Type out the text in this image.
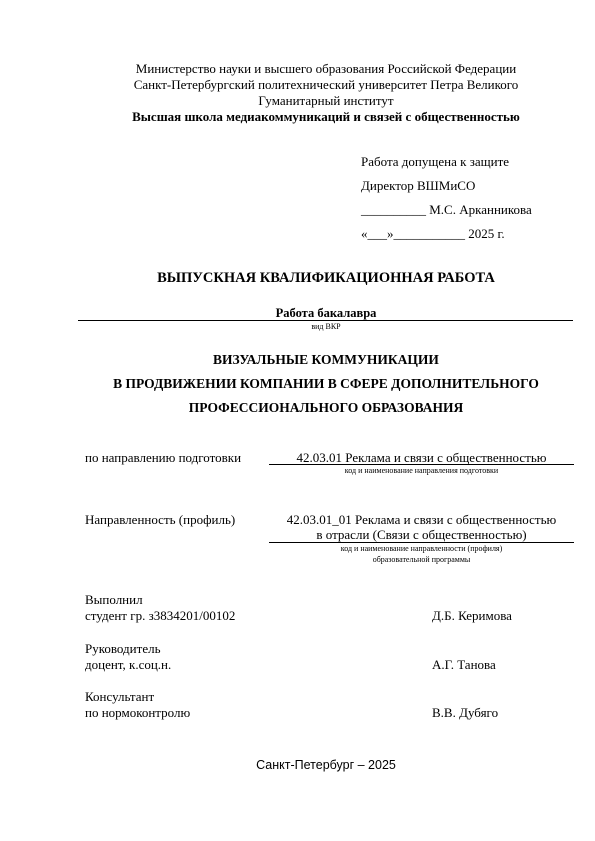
Министерство науки и высшего образования Российской Федерации
Санкт-Петербургский политехнический университет Петра Великого
Гуманитарный институт
Высшая школа медиакоммуникаций и связей с общественностью
Работа допущена к защите
Директор ВШМиСО
__________ М.С. Арканникова
«___»___________ 2025 г.
ВЫПУСКНАЯ КВАЛИФИКАЦИОННАЯ РАБОТА
Работа бакалавра
вид ВКР
ВИЗУАЛЬНЫЕ КОММУНИКАЦИИ
В ПРОДВИЖЕНИИ КОМПАНИИ В СФЕРЕ ДОПОЛНИТЕЛЬНОГО
ПРОФЕССИОНАЛЬНОГО ОБРАЗОВАНИЯ
по направлению подготовки	42.03.01 Реклама и связи с общественностью
код и наименование направления подготовки
Направленность (профиль)	42.03.01_01 Реклама и связи с общественностью
в отрасли (Связи с общественностью)
код и наименование направленности (профиля)
образовательной программы
Выполнил
студент гр. з3834201/00102	Д.Б. Керимова
Руководитель
доцент, к.соц.н.	А.Г. Танова
Консультант
по нормоконтролю	В.В. Дубяго
Санкт-Петербург – 2025
